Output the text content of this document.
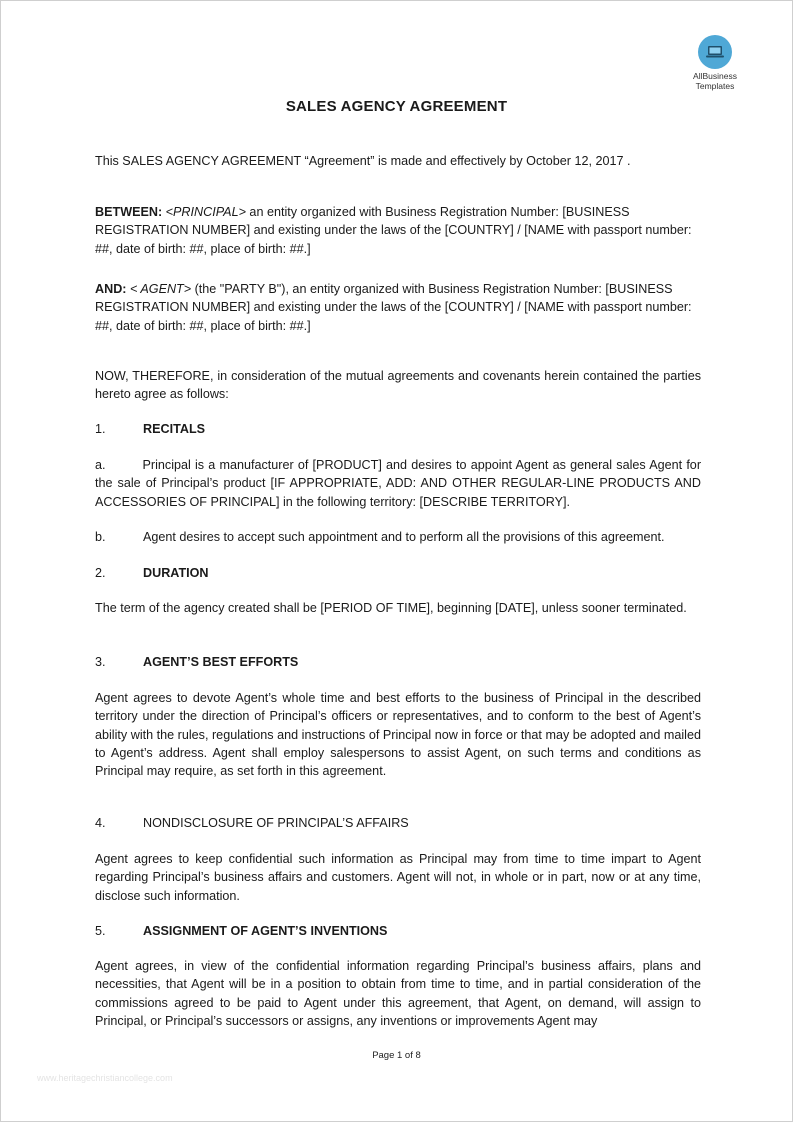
AllBusiness
Templates
SALES AGENCY AGREEMENT

This SALES AGENCY AGREEMENT “Agreement” is made and effectively by October 12, 2017 .

BETWEEN: <PRINCIPAL> an entity organized with Business Registration Number: [BUSINESS REGISTRATION NUMBER] and existing under the laws of the [COUNTRY] / [NAME with passport number: ##, date of birth: ##, place of birth: ##.]

AND: < AGENT> (the "PARTY B"), an entity organized with Business Registration Number: [BUSINESS REGISTRATION NUMBER] and existing under the laws of the [COUNTRY] / [NAME with passport number: ##, date of birth: ##, place of birth: ##.]

NOW, THEREFORE, in consideration of the mutual agreements and covenants herein contained the parties hereto agree as follows:

1.	RECITALS
a.	Principal is a manufacturer of [PRODUCT] and desires to appoint Agent as general sales Agent for the sale of Principal’s product [IF APPROPRIATE, ADD: AND OTHER REGULAR-LINE PRODUCTS AND ACCESSORIES OF PRINCIPAL] in the following territory: [DESCRIBE TERRITORY].
b.	Agent desires to accept such appointment and to perform all the provisions of this agreement.
2.	DURATION

The term of the agency created shall be [PERIOD OF TIME], beginning [DATE], unless sooner terminated.

3.	AGENT’S BEST EFFORTS

Agent agrees to devote Agent’s whole time and best efforts to the business of Principal in the described territory under the direction of Principal’s officers or representatives, and to conform to the best of Agent’s ability with the rules, regulations and instructions of Principal now in force or that may be adopted and mailed to Agent’s address. Agent shall employ salespersons to assist Agent, on such terms and conditions as Principal may require, as set forth in this agreement.

4.	NONDISCLOSURE OF PRINCIPAL’S AFFAIRS

Agent agrees to keep confidential such information as Principal may from time to time impart to Agent regarding Principal’s business affairs and customers. Agent will not, in whole or in part, now or at any time, disclose such information.

5.	ASSIGNMENT OF AGENT’S INVENTIONS

Agent agrees, in view of the confidential information regarding Principal’s business affairs, plans and necessities, that Agent will be in a position to obtain from time to time, and in partial consideration of the commissions agreed to be paid to Agent under this agreement, that Agent, on demand, will assign to Principal, or Principal’s successors or assigns, any inventions or improvements Agent may

Page 1 of 8
www.heritagechristiancollege.com
